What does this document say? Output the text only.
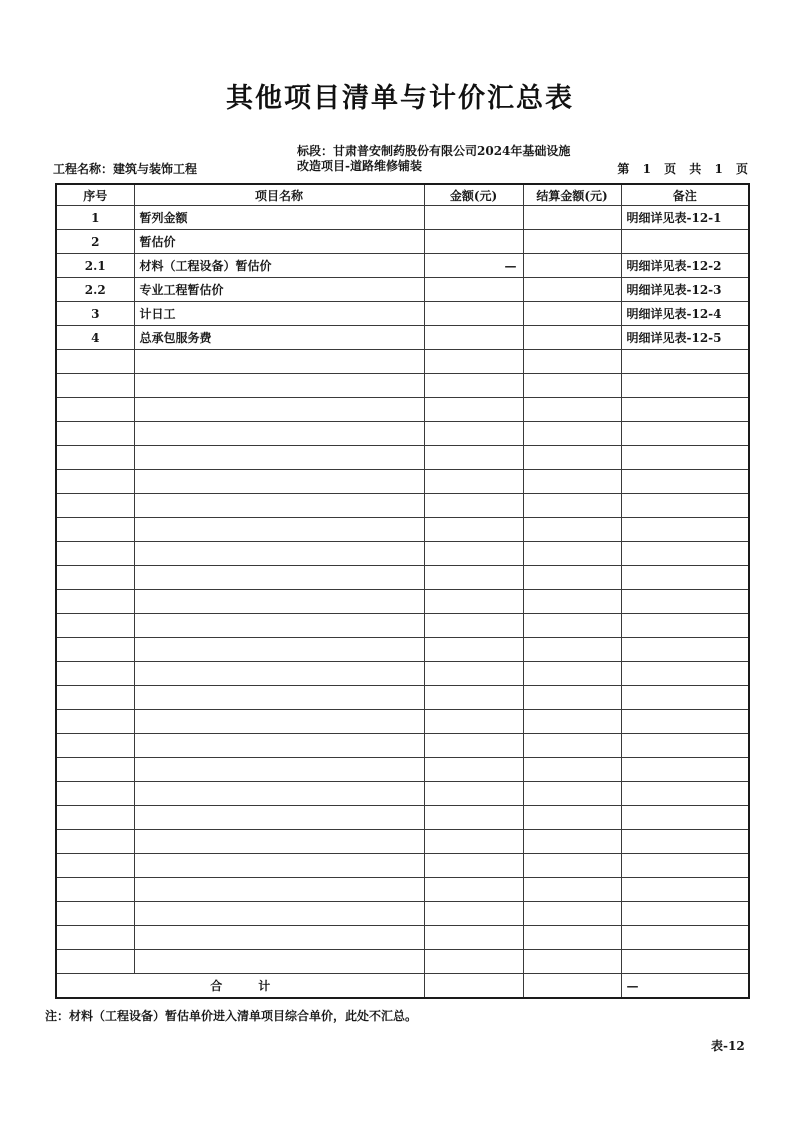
其他项目清单与计价汇总表
工程名称：建筑与装饰工程
标段：甘肃普安制药股份有限公司2024年基础设施
改造项目-道路维修铺装	第 1 页 共 1 页
序号	项目名称	金额(元)	结算金额(元)	备注
1	暂列金额			明细详见表-12-1
2	暂估价			
2.1	材料（工程设备）暂估价	—		明细详见表-12-2
2.2	专业工程暂估价			明细详见表-12-3
3	计日工			明细详见表-12-4
4	总承包服务费			明细详见表-12-5

合　　　计				—
注：材料（工程设备）暂估单价进入清单项目综合单价，此处不汇总。
表-12
